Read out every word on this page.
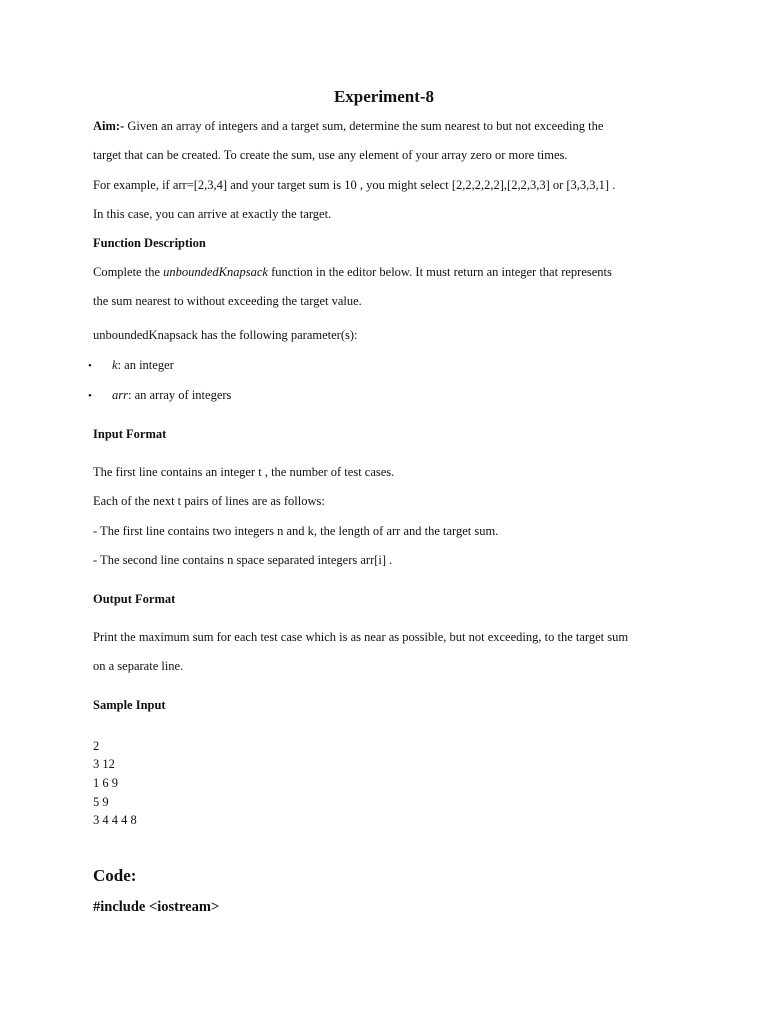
Experiment-8
Aim:- Given an array of integers and a target sum, determine the sum nearest to but not exceeding the
target that can be created. To create the sum, use any element of your array zero or more times.
For example, if arr=[2,3,4] and your target sum is 10 , you might select [2,2,2,2,2],[2,2,3,3] or [3,3,3,1] .
In this case, you can arrive at exactly the target.
Function Description
Complete the unboundedKnapsack function in the editor below. It must return an integer that represents
the sum nearest to without exceeding the target value.
unboundedKnapsack has the following parameter(s):
• k: an integer
• arr: an array of integers
Input Format
The first line contains an integer t , the number of test cases.
Each of the next t pairs of lines are as follows:
- The first line contains two integers n and k, the length of arr and the target sum.
- The second line contains n space separated integers arr[i] .
Output Format
Print the maximum sum for each test case which is as near as possible, but not exceeding, to the target sum
on a separate line.
Sample Input
2
3 12
1 6 9
5 9
3 4 4 4 8
Code:
#include <iostream>
